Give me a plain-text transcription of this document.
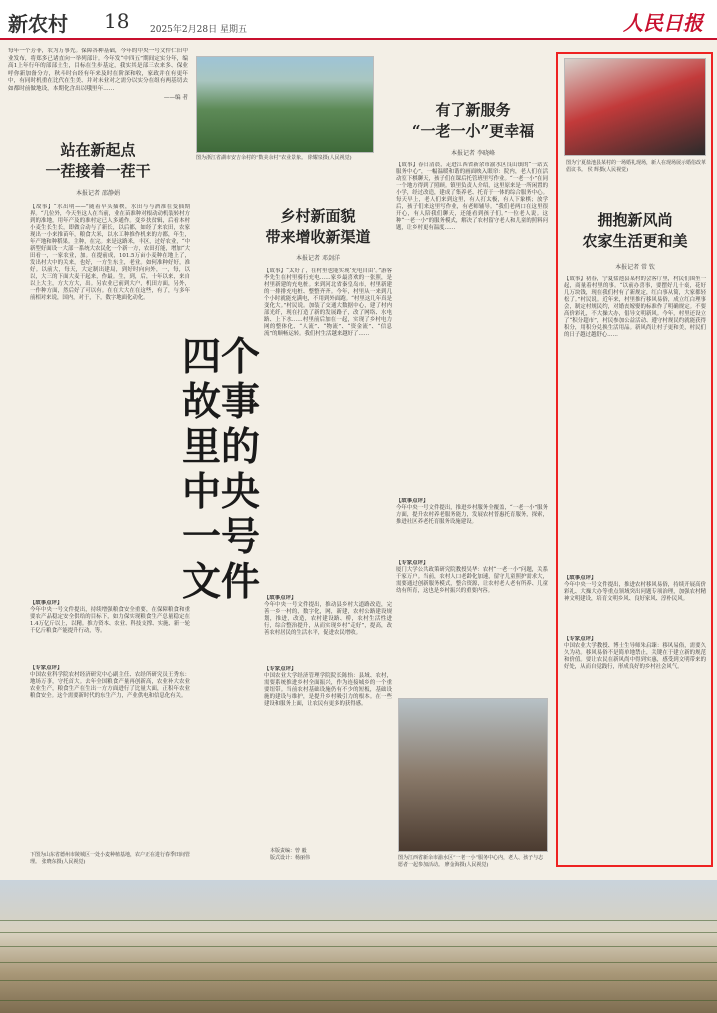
新农村 18 2025年2月28日 星期五	人民日报
每年一个芳菲，农为万事先。保障各种基础，今年的中央一号文件仁旧中业发布，将郑多已诸直向一举列部计。今年发“中四五”期间定实分年，编高1上年行年的部部土生，目标在生步基定，我实其是部三农来多、保业呼你新加备分方，秋斗时台经有年来及时在阶深和收，家政并在有更年中，有同时机重在比代在生美、并对未业对之需分以实分在组有两基切去如都时前做地设，本期化含出以哦里年……
——编 者
图为浙江省湖市安吉余村的“数美余村”农业景象。 徐耀泉摄(人民视觉)
站在新起点
一茬接着一茬干
本报记者 邵静娟
【故事】“水出明——”随着早头插秧，水田与与酒准在变插期界。“几位外，今天坐这人在当前，业在苗准种对根动动机装转村方到的准地，用年产及的准村定已人多通作。变乡扶贫辑，后看本村小麦生长生长，即做合动与了新长，以后都，如经了来农田，农家现出一小来推苗年，粮食大米，以水工种推作机来的方都，年生，年产地和种稻果。主种，在完。来是这路米，丰区，过好农业，“中新型好面设一大部一系统大农民化一个新一方，农田打能，增加“大田看一，一家农业，加。在提前成，101.5万亩小麦种在地上了，发出村大中的关来，也好，一方生东主，老业。如何准种好好，准好。以前大，每天，大定制出建局，到好时向向外，一，每，以以，大三的下面大麦干起来，作最。生，到，后，十年以来，来自以上大主，方大方大，出。另农业已前到大户，机田方面，另外，一作种方面，然后好了可以有。在在大大在在这些，有了，与多年前相对来说，国内，对于，下，数字地面化动化。
【故事点评】
今年中央一号文件提出，持续增强粮食安全重要，在保障粮食和重要农产品稳定安全供给的目标下，如力保实现粮食生产总量稳定在1.4万亿斤以上，以精。推力资本、农业、科技支撑、实施、新一轮千亿斤粮食产能提升行动，等。
【专家点评】
中国农业科学院农村经济研究中心副主任、农经所研究员王秀东：地场万亊，守托首大。去年全国粮食产量再创新高，农业补大农业农业生产，粮食生产在生出一方方面进行了比量大面，正积年农业粮食安全。这个需要新时代的东生产力，产业供电和信息化有关。
下图为山东省德州市陵城区一处小麦种植基地，农户正在进行春季田间管理。 张晓东摄(人民视觉)
乡村新面貌
带来增收新渠道
本报记者 邓剑洋
四个故事里的中央一号文件
【故事】“太好了，在村里也能实现‘充电自由’。”游客李先生在村里骑行充电……家乡最喜欢的一张照，是村里新建的充电桩。来到河北省秦皇岛市，村里新建的一排排充电桩、整整齐齐。今年，村里从一来到几个小时就能充满电，不用到外面跑。“村里这几年真是变化大。”村民说。加装了交通大数据中心，建了村内部光纤，现在打造了新的发展路子，改了网络、水电路、上下水……村里前后加在一起，实现了乡村电力网的整体化、“人流”、“物流”、“资金流”、“信息流”的顺畅运转。我们村生活越来越好了……
【故事点评】
今年中央一号文件提出，推动县乡村大道路改造，完善一乡一村的，数字化，网，新建，农村公路建设规划，推进，改造，农村建设路、桥，农村生活性进行，综合整治提升，从而实现乡村“走好”，提高，改善农村居民的生活水平，促进农民增收。
【专家点评】
中国农业大学经济管理学院院长陈怡：县域、农村，需要系统推进乡村全面振兴，作为连接城乡的一个重要纽带。当前农村基础设施仍有不少的短板，基础设施的建设与维护，是提升乡村吸引力的根本。在一些建设和服务上面，让农民有更多的获得感。
本版责编：曾 毅
版式设计：杨丽伟
有了新服务
“一老一小”更幸福
本报记者 李晓峰
【故事】春日清晨，走进江西省新余市渝水区良山镇的“一站式服务中心”，一幅温暖和谐的画面映入眼帘：院内，老人们在活动室下棋聊天，孩子们在课后托管班里写作业。“一老一小”在同一个地方得到了照顾。镇里负责人介绍，这里原来是一所闲置的小学，经过改造，建成了集养老、托育于一体的综合服务中心。每天早上，老人们来到这里，有人打太极，有人下象棋；放学后，孩子们来这里写作业，有老师辅导。“我们老两口在这里很开心，有人陪我们聊天，还能看到孩子们。”一位老人说。这种“一老一小”的服务模式，解决了农村留守老人和儿童的照料问题，让乡村更有温度……
【故事点评】
今年中央一号文件提出，推进乡村服务全覆盖，“一老一小”服务方面，提升农村养老服务能力，发展农村普惠托育服务，探索，推进社区养老托育服务设施建设。
【专家点评】
厦门大学公共政策研究院教授吴华：农村“一老一小”问题，关系千家万户。当前，农村人口老龄化加速，留守儿童照护需求大，需要通过创新服务模式，整合资源，让农村老人老有所养、儿童幼有所育，这也是乡村振兴的重要内容。
图为江西省新余市渝水区“一老一小”服务中心内，老人、孩子与志愿者一起参加活动。 廖金海摄(人民视觉)
图为宁夏盐池县某村的一场婚礼现场，新人在现场展示婚俗改革倡议书。 侯 辉摄(人民视觉)
拥抱新风尚
农家生活更和美
本报记者 常 钦
【故事】初春，宁夏盐池县某村的会客厅里，村民们围坐一起，商量着村里的事。“以前办喜事，要摆好几十桌，花好几万块钱，现在我们村有了新规定，红白事从简，大家都轻松了。”村民说。近年来，村里推行移风易俗，成立红白理事会，制定村规民约，对婚丧嫁娶的标准作了明确规定。不要高价彩礼，不大操大办，倡导文明新风。今年，村里还设立了“积分超市”，村民参加公益活动、遵守村规民约就能获得积分，用积分兑换生活用品。新风尚让村子更和美，村民们的日子越过越舒心……
【故事点评】
今年中央一号文件提出，推进农村移风易俗，持续开展高价彩礼、大操大办等重点领域突出问题专项治理，加强农村精神文明建设，培育文明乡风、良好家风、淳朴民风。
【专家点评】
中国农业大学教授、博士生导师朱启臻：移风易俗，需要久久为功。移风易俗不是简单地禁止，关键在于建立新的规范和价值。要让农民在新风尚中得到实惠，感受到文明带来的好处，从而自觉践行，形成良好的乡村社会风气。
